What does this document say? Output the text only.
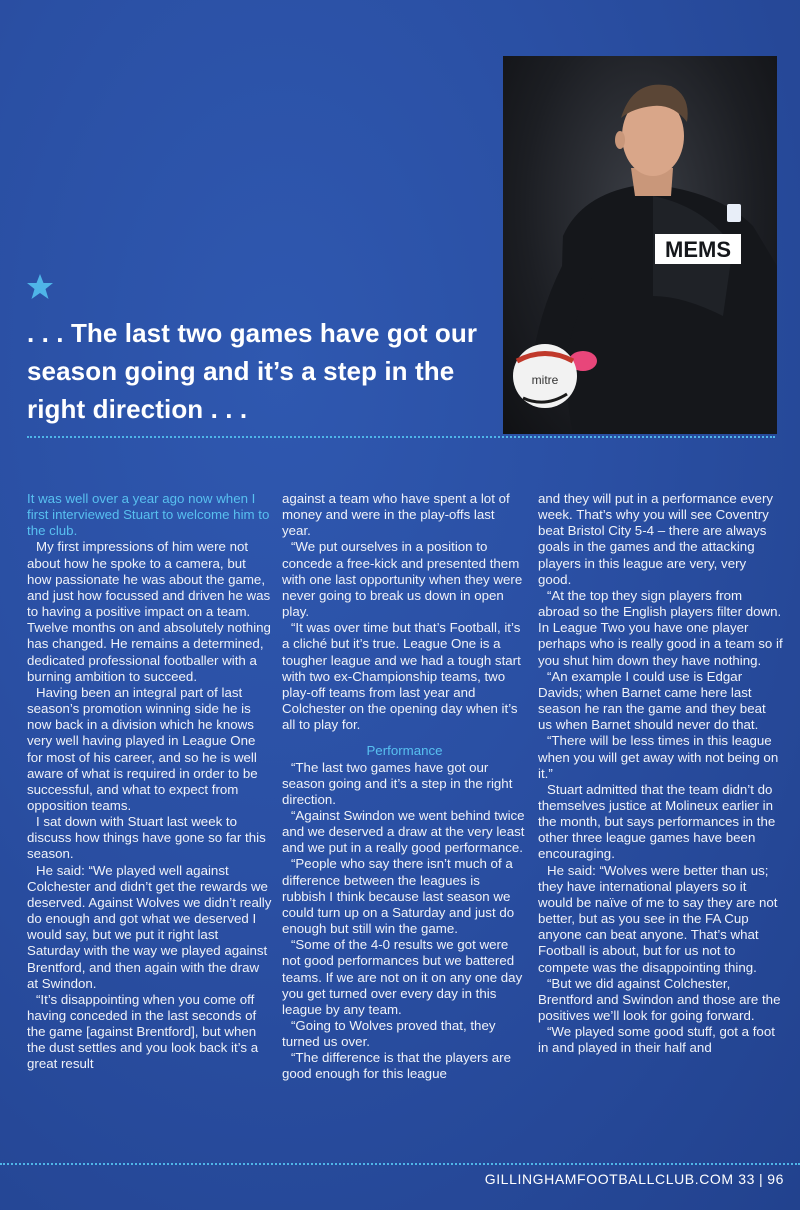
MEMS
mitre
. . . The last two games have got our season going and it’s a step in the right direction . . .

It was well over a year ago now when I first interviewed Stuart to welcome him to the club.

My first impressions of him were not about how he spoke to a camera, but how passionate he was about the game, and just how focussed and driven he was to having a positive impact on a team. Twelve months on and absolutely nothing has changed. He remains a determined, dedicated professional footballer with a burning ambition to succeed.

Having been an integral part of last season’s promotion winning side he is now back in a division which he knows very well having played in League One for most of his career, and so he is well aware of what is required in order to be successful, and what to expect from opposition teams.

I sat down with Stuart last week to discuss how things have gone so far this season.

He said: “We played well against Colchester and didn’t get the rewards we deserved. Against Wolves we didn’t really do enough and got what we deserved I would say, but we put it right last Saturday with the way we played against Brentford, and then again with the draw at Swindon.

“It’s disappointing when you come off having conceded in the last seconds of the game [against Brentford], but when the dust settles and you look back it’s a great result

against a team who have spent a lot of money and were in the play-offs last year.

“We put ourselves in a position to concede a free-kick and presented them with one last opportunity when they were never going to break us down in open play.

“It was over time but that’s Football, it’s a cliché but it’s true. League One is a tougher league and we had a tough start with two ex-Championship teams, two play-off teams from last year and Colchester on the opening day when it’s all to play for.

Performance

“The last two games have got our season going and it’s a step in the right direction.

“Against Swindon we went behind twice and we deserved a draw at the very least and we put in a really good performance.

“People who say there isn’t much of a difference between the leagues is rubbish I think because last season we could turn up on a Saturday and just do enough but still win the game.

“Some of the 4-0 results we got were not good performances but we battered teams. If we are not on it on any one day you get turned over every day in this league by any team.

“Going to Wolves proved that, they turned us over.

“The difference is that the players are good enough for this league

and they will put in a performance every week. That’s why you will see Coventry beat Bristol City 5-4 – there are always goals in the games and the attacking players in this league are very, very good.

“At the top they sign players from abroad so the English players filter down. In League Two you have one player perhaps who is really good in a team so if you shut him down they have nothing.

“An example I could use is Edgar Davids; when Barnet came here last season he ran the game and they beat us when Barnet should never do that.

“There will be less times in this league when you will get away with not being on it.”

Stuart admitted that the team didn’t do themselves justice at Molineux earlier in the month, but says performances in the other three league games have been encouraging.

He said: “Wolves were better than us; they have international players so it would be naïve of me to say they are not better, but as you see in the FA Cup anyone can beat anyone. That’s what Football is about, but for us not to compete was the disappointing thing.

“But we did against Colchester, Brentford and Swindon and those are the positives we’ll look for going forward.

“We played some good stuff, got a foot in and played in their half and

GILLINGHAMFOOTBALLCLUB.COM 33 | 96
